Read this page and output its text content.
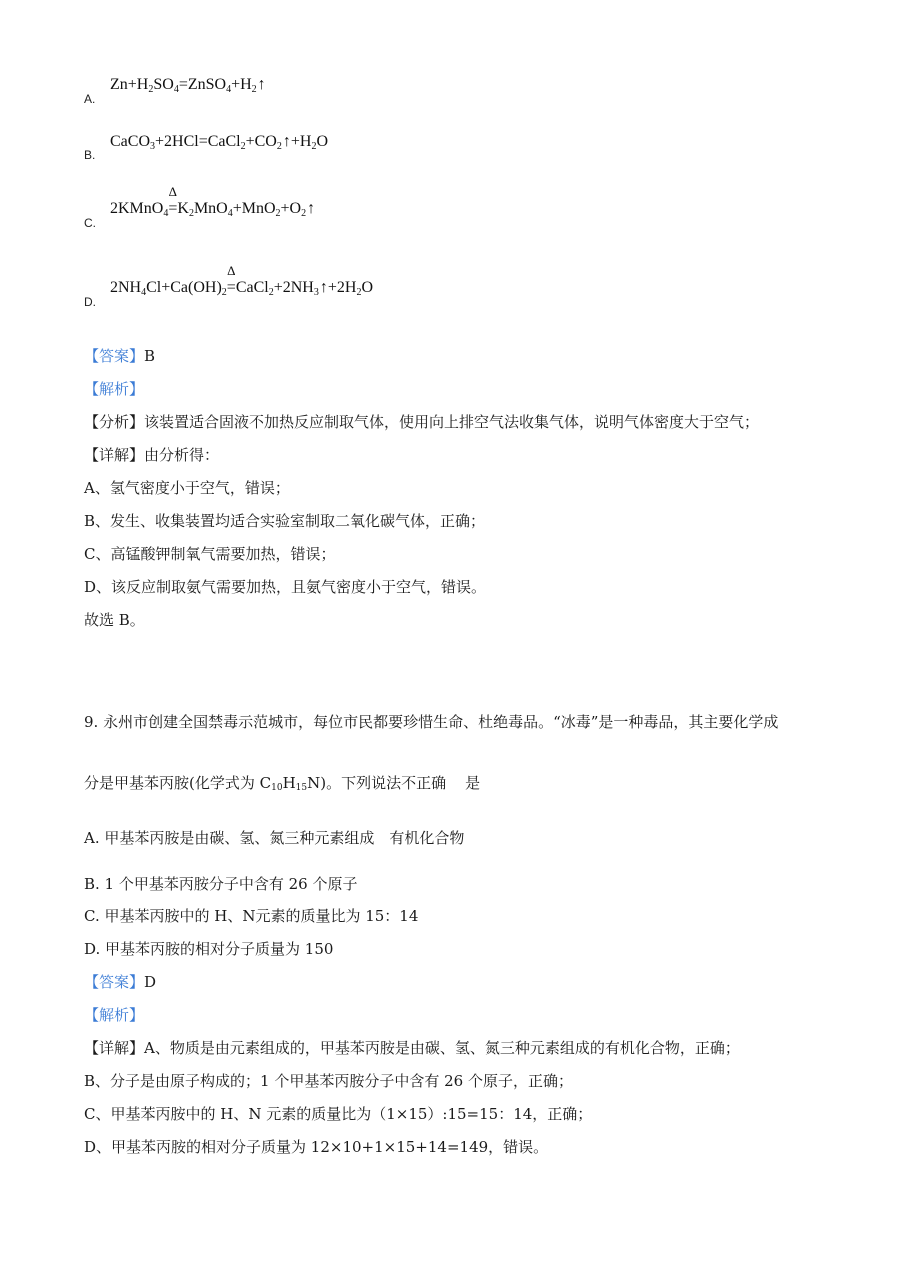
A.
$Zn+H_2SO_4=ZnSO_4+H_2↑$
B.
$CaCO_3+2HCl=CaCl_2+CO_2↑+H_2O$
C.
2KMnO$_4$
Δ
$=K_2MnO_4+MnO_2+O_2↑$
D.
$2NH_4Cl+Ca(OH)_2$
Δ
$=CaCl_2+2NH_3↑+2H_2O$
【答案】B
【解析】
【分析】该装置适合固液不加热反应制取气体，使用向上排空气法收集气体，说明气体密度大于空气；
【详解】由分析得：
A、氢气密度小于空气，错误；
B、发生、收集装置均适合实验室制取二氧化碳气体，正确；
C、高锰酸钾制氧气需要加热，错误；
D、该反应制取氨气需要加热，且氨气密度小于空气，错误。
故选 B。
9. 永州市创建全国禁毒示范城市，每位市民都要珍惜生命、杜绝毒品。“冰毒”是一种毒品，其主要化学成
分是甲基苯丙胺(化学式为 $C_{10}H_{15}N$)。下列说法不正确 是
A. 甲基苯丙胺是由碳、氢、氮三种元素组成　有机化合物
B. 1 个甲基苯丙胺分子中含有 26 个原子
C. 甲基苯丙胺中的 H、N元素的质量比为 15：14
D. 甲基苯丙胺的相对分子质量为 150
【答案】D
【解析】
【详解】A、物质是由元素组成的，甲基苯丙胺是由碳、氢、氮三种元素组成的有机化合物，正确；
B、分子是由原子构成的；1 个甲基苯丙胺分子中含有 26 个原子，正确；
C、甲基苯丙胺中的 H、N 元素的质量比为（1×15）:15=15：14，正确；
D、甲基苯丙胺的相对分子质量为 12×10+1×15+14=149，错误。
